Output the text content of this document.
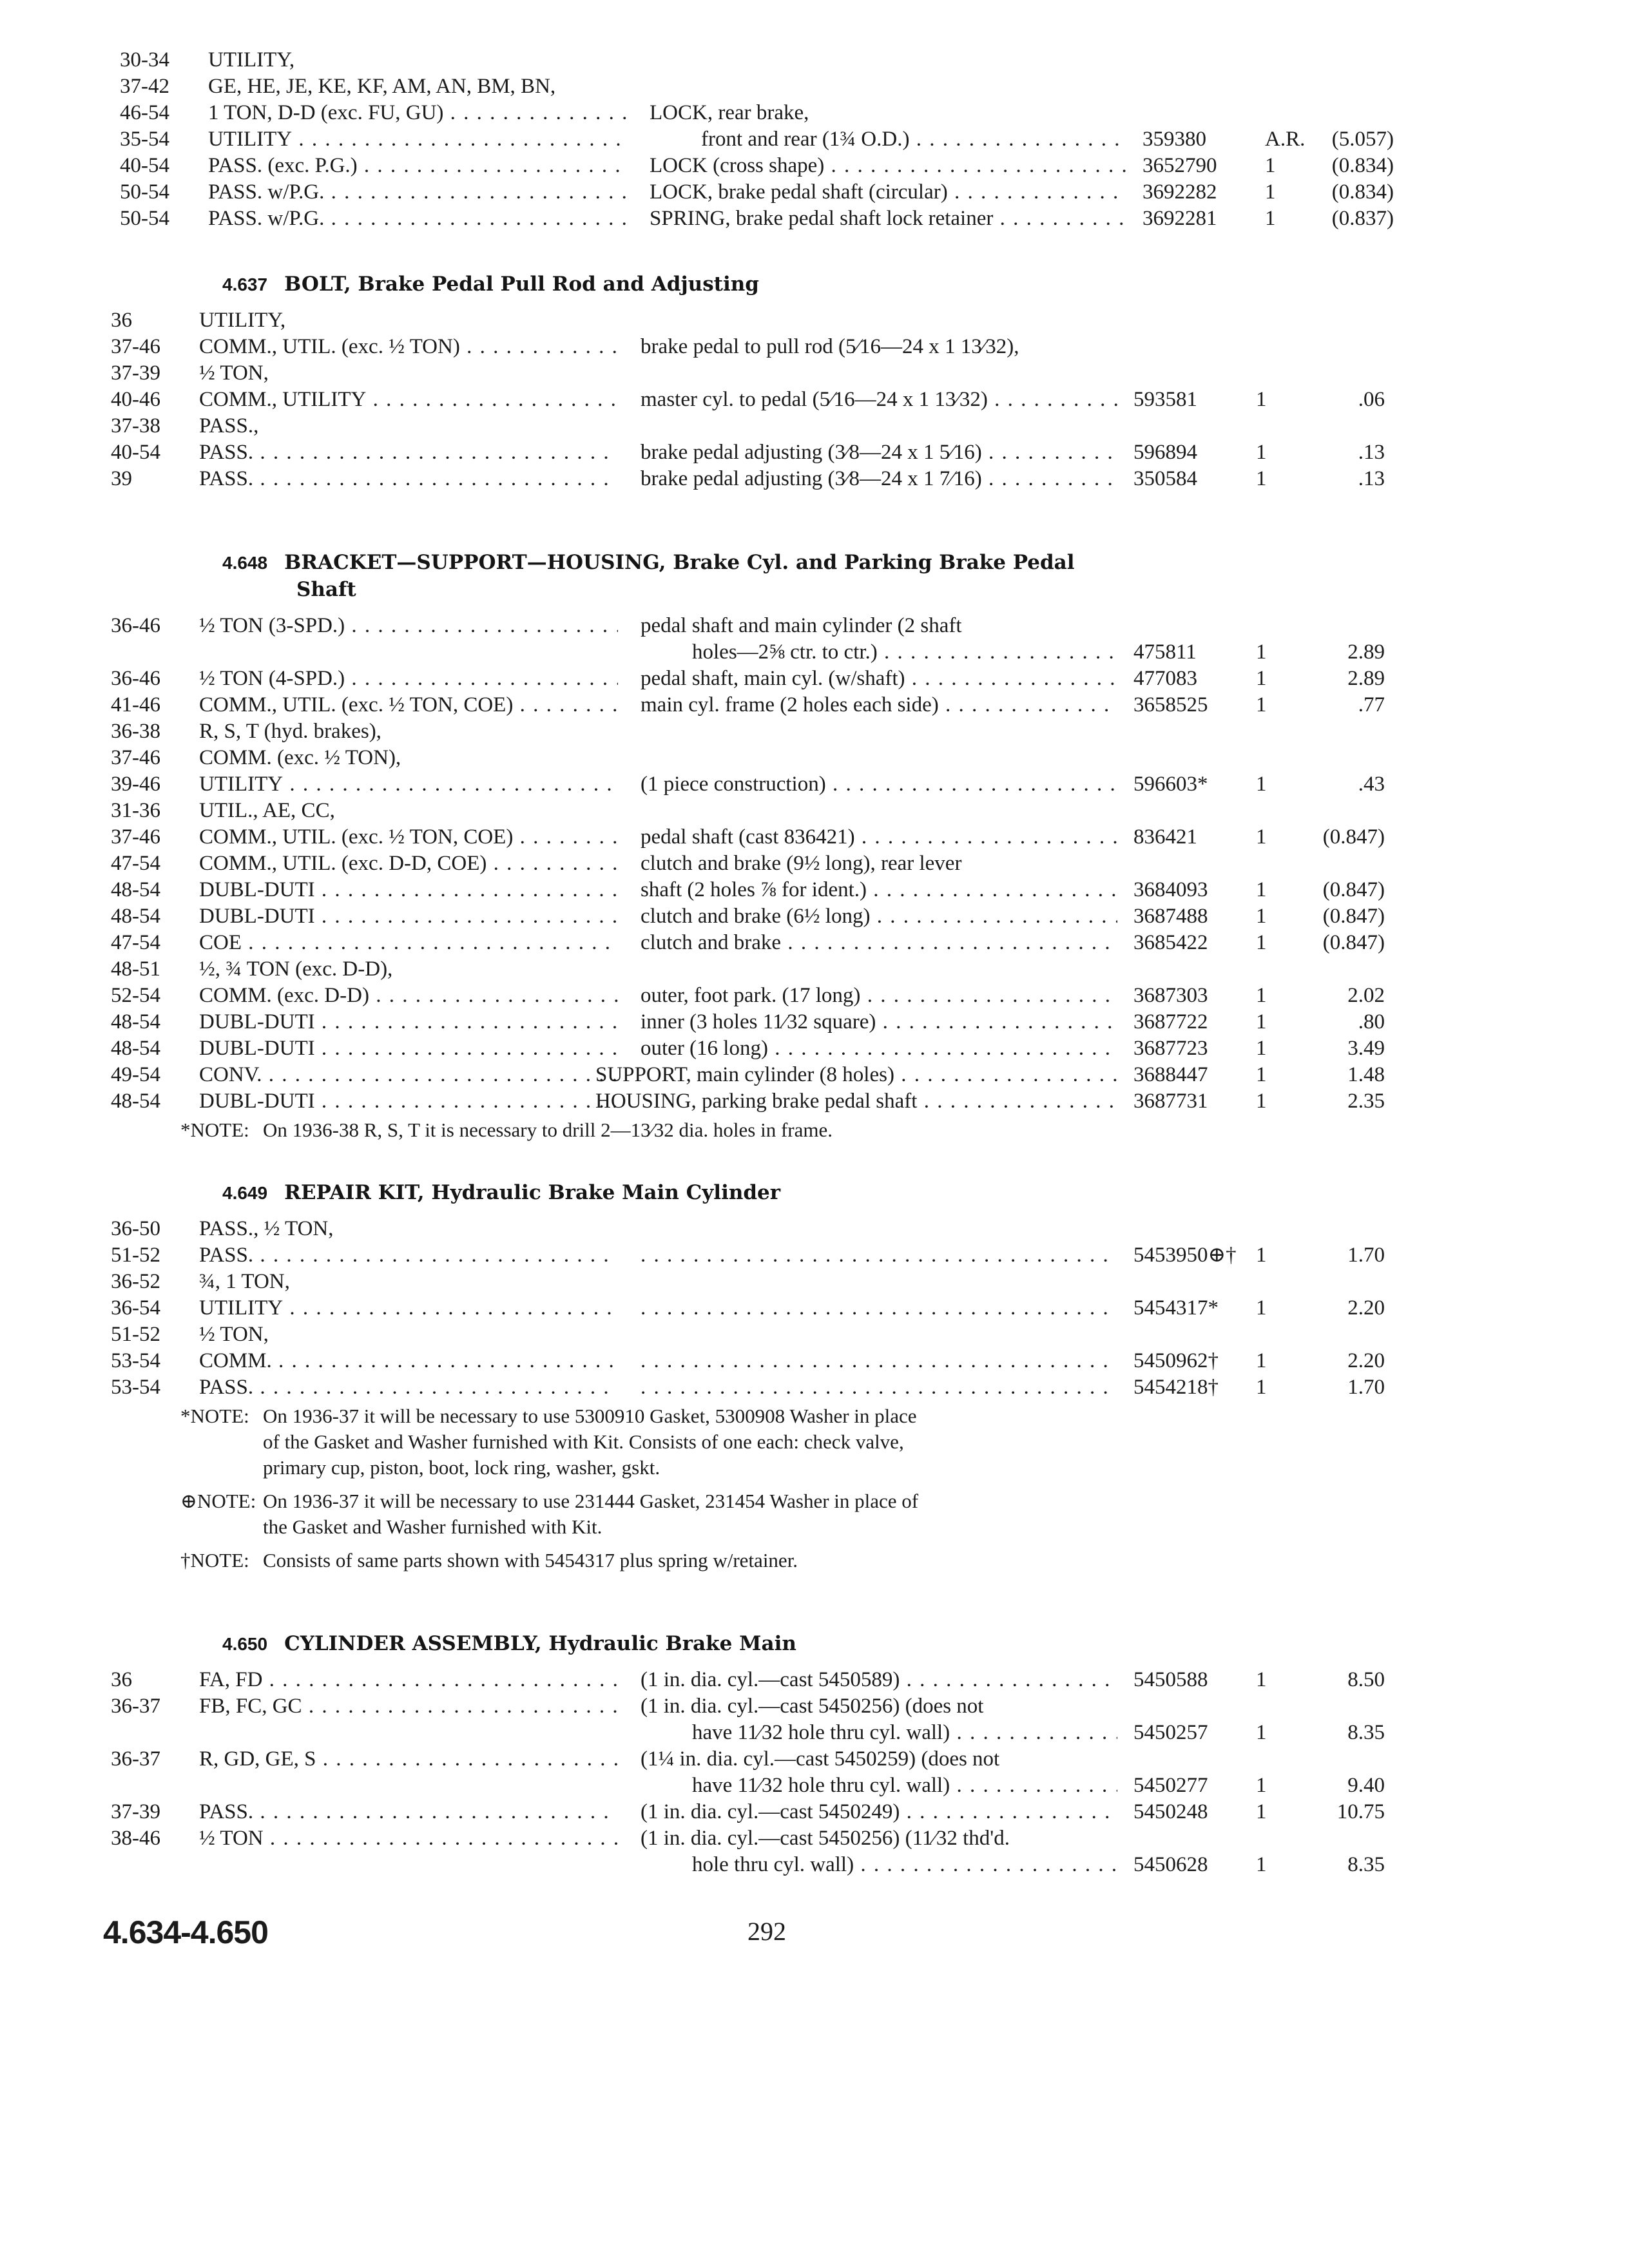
30-34 UTILITY,
37-42 GE, HE, JE, KE, KF, AM, AN, BM, BN,
46-54 1 TON, D-D (exc. FU, GU) . . .	LOCK, rear brake,
35-54 UTILITY . . .	front and rear (1¾ O.D.) . . .	359380	A.R.	(5.057)
40-54 PASS. (exc. P.G.) . . .	LOCK (cross shape) . . .	3652790 1	(0.834)
50-54 PASS. w/P.G. . . .	LOCK, brake pedal shaft (circular) . . .	3692282 1	(0.834)
50-54 PASS. w/P.G. . . .	SPRING, brake pedal shaft lock retainer . . .	3692281 1	(0.837)
4.637 BOLT, Brake Pedal Pull Rod and Adjusting
36	UTILITY,
37-46 COMM., UTIL. (exc. ½ TON) . . .	brake pedal to pull rod (5⁄16—24 x 1 13⁄32),
37-39 ½ TON,
40-46 COMM., UTILITY . . .	master cyl. to pedal (5⁄16—24 x 1 13⁄32) . . .	593581	1	.06
37-38 PASS.,
40-54 PASS. . . .	brake pedal adjusting (3⁄8—24 x 1 5⁄16) . . .	596894	1	.13
39	PASS. . . .	brake pedal adjusting (3⁄8—24 x 1 7⁄16) . . .	350584	1	.13
4.648 BRACKET—SUPPORT—HOUSING, Brake Cyl. and Parking Brake Pedal
Shaft
36-46 ½ TON (3-SPD.) . . .	pedal shaft and main cylinder (2 shaft
holes—2⅝ ctr. to ctr.) . . .	475811	1	2.89
36-46 ½ TON (4-SPD.) . . .	pedal shaft, main cyl. (w/shaft) . . .	477083	1	2.89
41-46 COMM., UTIL. (exc. ½ TON, COE) . . .	main cyl. frame (2 holes each side) . . .	3658525 1	.77
36-38 R, S, T (hyd. brakes),
37-46 COMM. (exc. ½ TON),
39-46 UTILITY . . .	(1 piece construction) . . .	596603* 1	.43
31-36 UTIL., AE, CC,
37-46 COMM., UTIL. (exc. ½ TON, COE) . . .	pedal shaft (cast 836421) . . .	836421	1	(0.847)
47-54 COMM., UTIL. (exc. D-D, COE) . . .	clutch and brake (9½ long), rear lever
48-54 DUBL-DUTI . . .	shaft (2 holes ⅞ for ident.) . . .	3684093 1	(0.847)
48-54 DUBL-DUTI . . .	clutch and brake (6½ long) . . .	3687488 1	(0.847)
47-54 COE . . .	clutch and brake . . .	3685422 1	(0.847)
48-51 ½, ¾ TON (exc. D-D),
52-54 COMM. (exc. D-D) . . .	outer, foot park. (17 long) . . .	3687303 1	2.02
48-54 DUBL-DUTI . . .	inner (3 holes 11⁄32 square) . . .	3687722 1	.80
48-54 DUBL-DUTI . . .	outer (16 long) . . .	3687723 1	3.49
49-54 CONV. . . .	SUPPORT, main cylinder (8 holes) . . .	3688447 1	1.48
48-54 DUBL-DUTI . . .	HOUSING, parking brake pedal shaft . . .	3687731 1	2.35
*NOTE: On 1936-38 R, S, T it is necessary to drill 2—13⁄32 dia. holes in frame.
4.649 REPAIR KIT, Hydraulic Brake Main Cylinder
36-50 PASS., ½ TON,
51-52 PASS. . . . . . .	5453950⊕† 1	1.70
36-52 ¾, 1 TON,
36-54 UTILITY . . . . . .	5454317* 1	2.20
51-52 ½ TON,
53-54 COMM. . . . . . .	5450962† 1	2.20
53-54 PASS. . . . . . .	5454218† 1	1.70
*NOTE: On 1936-37 it will be necessary to use 5300910 Gasket, 5300908 Washer in place
of the Gasket and Washer furnished with Kit. Consists of one each: check valve,
primary cup, piston, boot, lock ring, washer, gskt.
⊕NOTE: On 1936-37 it will be necessary to use 231444 Gasket, 231454 Washer in place of
the Gasket and Washer furnished with Kit.
†NOTE: Consists of same parts shown with 5454317 plus spring w/retainer.
4.650 CYLINDER ASSEMBLY, Hydraulic Brake Main
36	FA, FD . . .	(1 in. dia. cyl.—cast 5450589) . . .	5450588 1	8.50
36-37 FB, FC, GC . . .	(1 in. dia. cyl.—cast 5450256) (does not
have 11⁄32 hole thru cyl. wall) . . .	5450257 1	8.35
36-37 R, GD, GE, S . . .	(1¼ in. dia. cyl.—cast 5450259) (does not
have 11⁄32 hole thru cyl. wall) . . .	5450277 1	9.40
37-39 PASS. . . .	(1 in. dia. cyl.—cast 5450249) . . .	5450248 1	10.75
38-46 ½ TON . . .	(1 in. dia. cyl.—cast 5450256) (11⁄32 thd'd.
hole thru cyl. wall) . . .	5450628 1	8.35
4.634-4.650	292
